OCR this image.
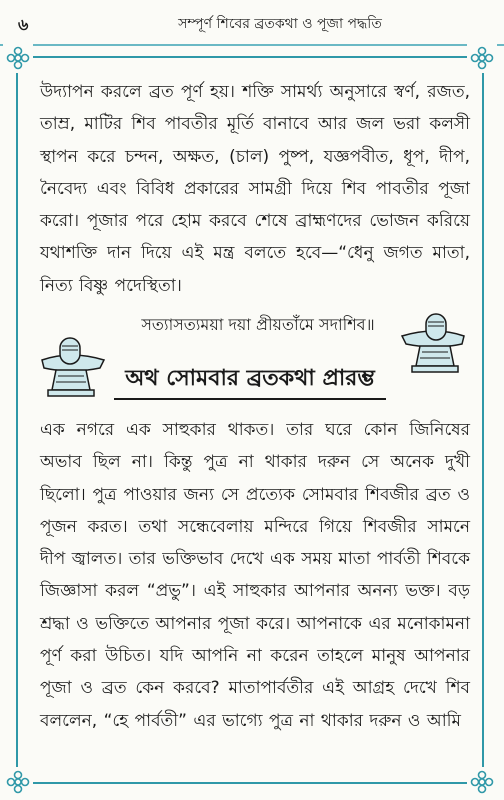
৬	সম্পূর্ণ শিবের ব্রতকথা ও পূজা পদ্ধতি
উদ্যাপন করলে ব্রত পূর্ণ হয়। শক্তি সামর্থ্য অনুসারে স্বর্ণ, রজত, তাম্র, মাটির শিব পাবতীর মূর্তি বানাবে আর জল ভরা কলসী স্থাপন করে চন্দন, অক্ষত, (চাল) পুষ্প, যজ্ঞপবীত, ধূপ, দীপ, নৈবেদ্য এবং বিবিধ প্রকারের সামগ্রী দিয়ে শিব পাবতীর পূজা করো। পূজার পরে হোম করবে শেষে ব্রাহ্মণদের ভোজন করিয়ে যথাশক্তি দান দিয়ে এই মন্ত্র বলতে হবে—“ধেনু জগত মাতা, নিত্য বিষ্ণু পদেস্থিতা।
সত্যাসত্যময়া দয়া প্রীয়তাঁমে সদাশিব॥
অথ সোমবার ব্রতকথা প্রারম্ভ
এক নগরে এক সাহুকার থাকত। তার ঘরে কোন জিনিষের অভাব ছিল না। কিন্তু পুত্র না থাকার দরুন সে অনেক দুখী ছিলো। পুত্র পাওয়ার জন্য সে প্রত্যেক সোমবার শিবজীর ব্রত ও পূজন করত। তথা সন্ধেবেলায় মন্দিরে গিয়ে শিবজীর সামনে দীপ জ্বালত। তার ভক্তিভাব দেখে এক সময় মাতা পার্বতী শিবকে জিজ্ঞাসা করল “প্রভু”। এই সাহুকার আপনার অনন্য ভক্ত। বড় শ্রদ্ধা ও ভক্তিতে আপনার পূজা করে। আপনাকে এর মনোকামনা পূর্ণ করা উচিত। যদি আপনি না করেন তাহলে মানুষ আপনার পূজা ও ব্রত কেন করবে? মাতাপার্বতীর এই আগ্রহ দেখে শিব বললেন, “হে পার্বতী” এর ভাগ্যে পুত্র না থাকার দরুন ও আমি
